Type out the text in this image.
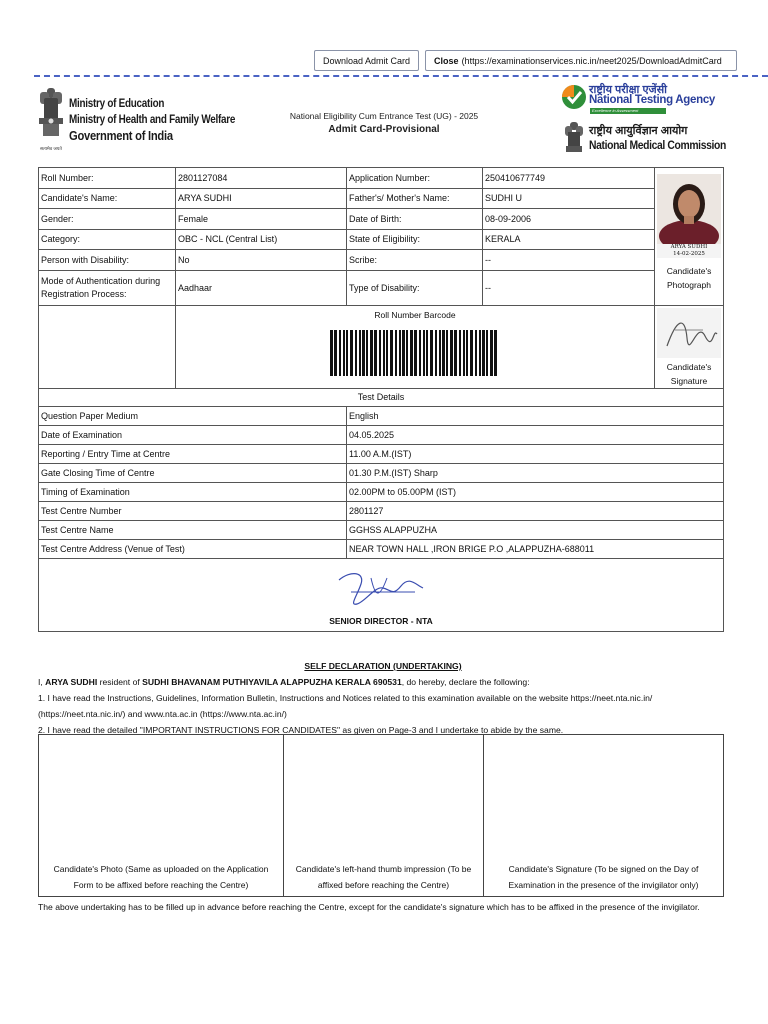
Download Admit Card	Close (https://examinationservices.nic.in/neet2025/DownloadAdmitCard
सत्यमेव जयते
Ministry of Education
Ministry of Health and Family Welfare
Government of India
National Eligibility Cum Entrance Test (UG) - 2025
Admit Card-Provisional
राष्ट्रीय परीक्षा एजेंसी
National Testing Agency
Excellence in Assessment
राष्ट्रीय आयुर्विज्ञान आयोग
National Medical Commission
Roll Number:	2801127084	Application Number:	250410677749	ARYA SUDHI
14-02-2025
Candidate's Photograph

Candidate's Name:	ARYA SUDHI	Father's/ Mother's Name:	SUDHI U	
Gender:	Female	Date of Birth:	08-09-2006	
Category:	OBC - NCL (Central List)	State of Eligibility:	KERALA	
Person with Disability:	No	Scribe:	--	
Mode of Authentication during Registration Process:	Aadhaar	Type of Disability:	--	

	Roll Number Barcode			Candidate's Signature

Test Details				
Question Paper Medium		English		
Date of Examination		04.05.2025		
Reporting / Entry Time at Centre		11.00 A.M.(IST)		
Gate Closing Time of Centre		01.30 P.M.(IST) Sharp		
Timing of Examination		02.00PM to 05.00PM (IST)		
Test Centre Number		2801127		
Test Centre Name		GGHSS ALAPPUZHA		
Test Centre Address (Venue of Test)		NEAR TOWN HALL ,IRON BRIGE P.O ,ALAPPUZHA-688011		

SENIOR DIRECTOR - NTA				
SELF DECLARATION (UNDERTAKING)
I, ARYA SUDHI resident of SUDHI BHAVANAM PUTHIYAVILA ALAPPUZHA KERALA 690531, do hereby, declare the following:
1. I have read the Instructions, Guidelines, Information Bulletin, Instructions and Notices related to this examination available on the website https://neet.nta.nic.in/
(https://neet.nta.nic.in/) and www.nta.ac.in (https://www.nta.ac.in/)
2. I have read the detailed "IMPORTANT INSTRUCTIONS FOR CANDIDATES" as given on Page-3 and I undertake to abide by the same.
Candidate's Photo (Same as uploaded on the Application Form to be affixed before reaching the Centre)	Candidate's left-hand thumb impression (To be affixed before reaching the Centre)	Candidate's Signature (To be signed on the Day of Examination in the presence of the invigilator only)
The above undertaking has to be filled up in advance before reaching the Centre, except for the candidate's signature which has to be affixed in the presence of the invigilator.
